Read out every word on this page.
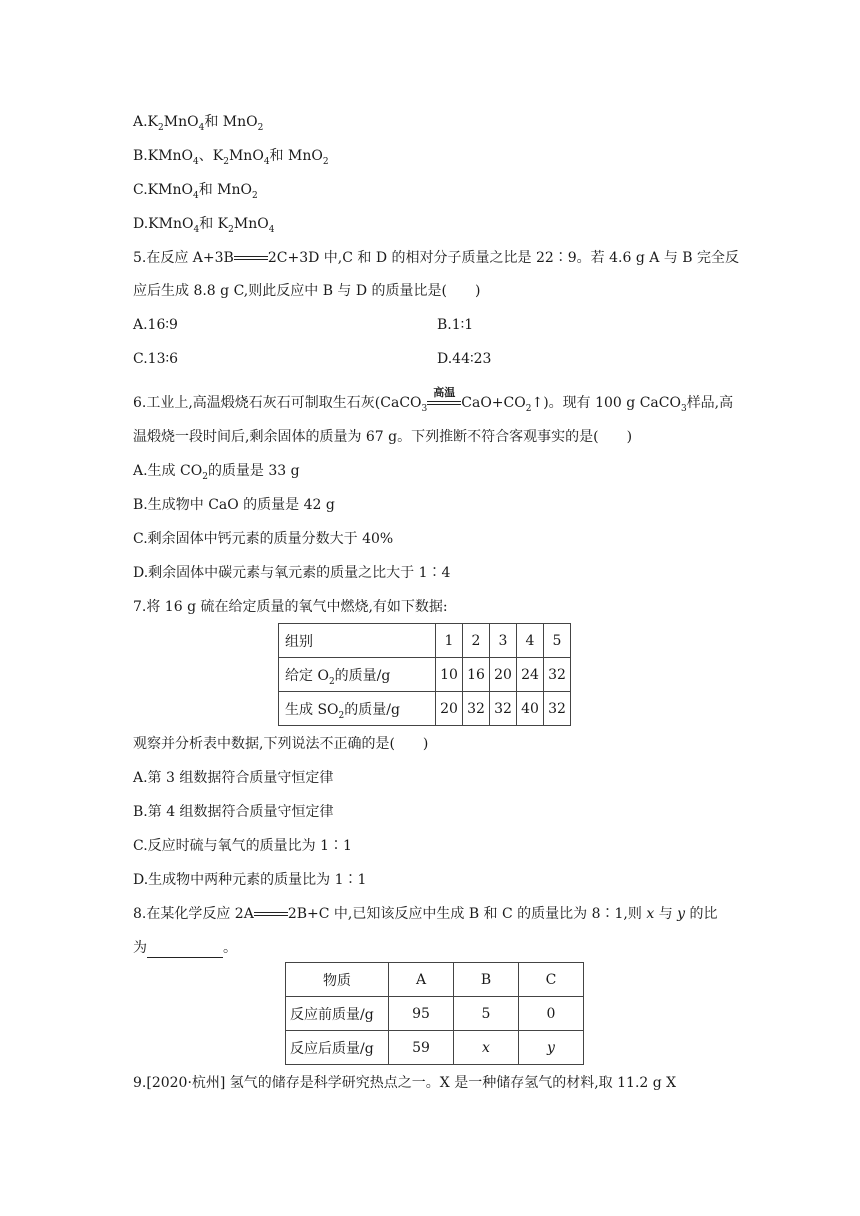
$A.K_2MnO_4$和 MnO$_2$
B.KMnO$_4$、$K_2MnO_4$和 MnO$_2$
C.KMnO$_4$和 MnO$_2$
D.KMnO$_4$和 $K_2MnO_4$
5.在反应 A+3B 2C+3D 中,C 和 D 的相对分子质量之比是 22∶9。若 4.6 g A 与 B 完全反
应后生成 8.8 g C,则此反应中 B 与 D 的质量比是(　　)
A.16∶9	B.1∶1
C.13∶6	D.44∶23
6.工业上,高温煅烧石灰石可制取生石灰(CaCO$_3$
高温
$CaO+CO_2↑$)。现有 100 g CaCO$_3$样品,高
温煅烧一段时间后,剩余固体的质量为 67 g。下列推断不符合客观事实的是(　　)
A.生成 $CO_2$的质量是 33 g
B.生成物中 CaO 的质量是 42 g
C.剩余固体中钙元素的质量分数大于 40%
D.剩余固体中碳元素与氧元素的质量之比大于 1∶4
7.将 16 g 硫在给定质量的氧气中燃烧,有如下数据:
组别	1	2	3	4	5
给定 $O_2$的质量/g	10	16	20	24	32
生成 $SO_2$的质量/g	20	32	32	40	32
观察并分析表中数据,下列说法不正确的是(　　)
A.第 3 组数据符合质量守恒定律
B.第 4 组数据符合质量守恒定律
C.反应时硫与氧气的质量比为 1∶1
D.生成物中两种元素的质量比为 1∶1
8.在某化学反应 2A 2B+C 中,已知该反应中生成 B 和 C 的质量比为 8∶1,则 x 与 y 的比
为	。
物质	A	B	C
反应前质量/g	95	5	0
反应后质量/g	59	x	y
9.[2020·杭州] 氢气的储存是科学研究热点之一。X 是一种储存氢气的材料,取 11.2 g X
